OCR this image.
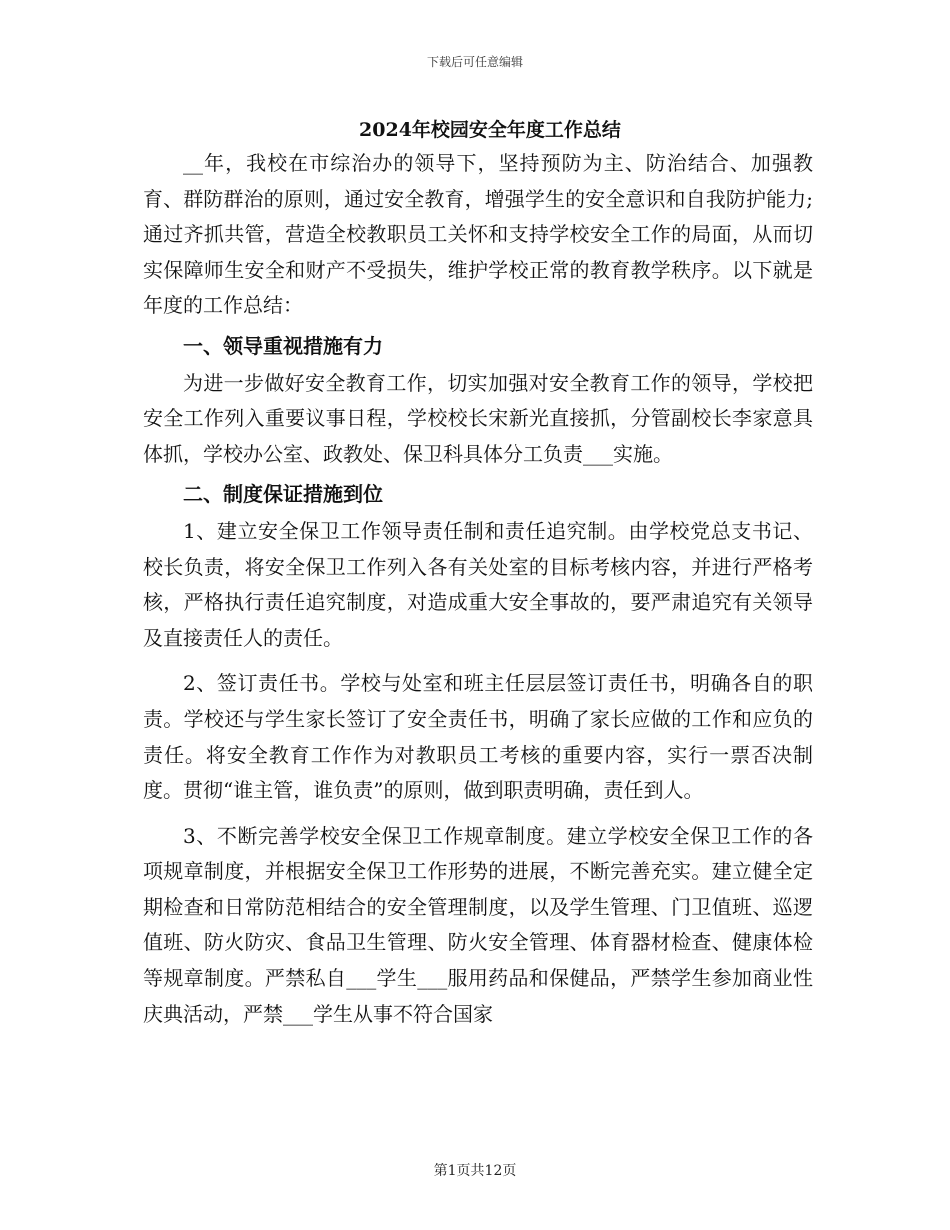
下载后可任意编辑
2024年校园安全年度工作总结

__年，我校在市综治办的领导下，坚持预防为主、防治结合、加强教育、群防群治的原则，通过安全教育，增强学生的安全意识和自我防护能力;通过齐抓共管，营造全校教职员工关怀和支持学校安全工作的局面，从而切实保障师生安全和财产不受损失，维护学校正常的教育教学秩序。以下就是年度的工作总结：

一、领导重视措施有力

为进一步做好安全教育工作，切实加强对安全教育工作的领导，学校把安全工作列入重要议事日程，学校校长宋新光直接抓，分管副校长李家意具体抓，学校办公室、政教处、保卫科具体分工负责___实施。

二、制度保证措施到位

1、建立安全保卫工作领导责任制和责任追究制。由学校党总支书记、校长负责，将安全保卫工作列入各有关处室的目标考核内容，并进行严格考核，严格执行责任追究制度，对造成重大安全事故的，要严肃追究有关领导及直接责任人的责任。

2、签订责任书。学校与处室和班主任层层签订责任书，明确各自的职责。学校还与学生家长签订了安全责任书，明确了家长应做的工作和应负的责任。将安全教育工作作为对教职员工考核的重要内容，实行一票否决制度。贯彻“谁主管，谁负责”的原则，做到职责明确，责任到人。

3、不断完善学校安全保卫工作规章制度。建立学校安全保卫工作的各项规章制度，并根据安全保卫工作形势的进展，不断完善充实。建立健全定期检查和日常防范相结合的安全管理制度，以及学生管理、门卫值班、巡逻值班、防火防灾、食品卫生管理、防火安全管理、体育器材检查、健康体检等规章制度。严禁私自___学生___服用药品和保健品，严禁学生参加商业性庆典活动，严禁___学生从事不符合国家

第1页共12页
